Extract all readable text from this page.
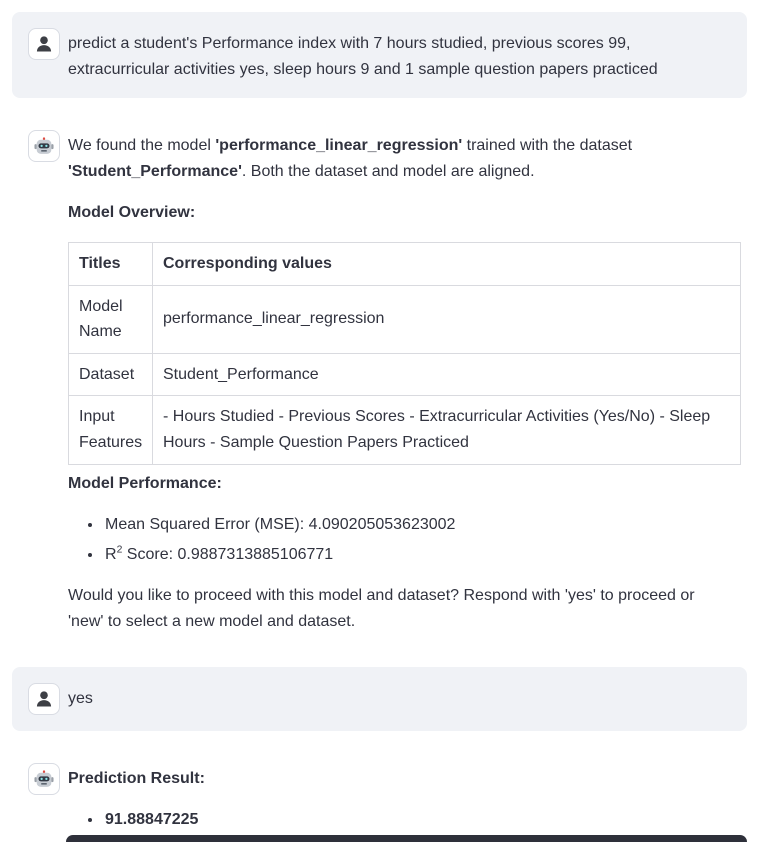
predict a student's Performance index with 7 hours studied, previous scores 99, extracurricular activities yes, sleep hours 9 and 1 sample question papers practiced

We found the model 'performance_linear_regression' trained with the dataset 'Student_Performance'. Both the dataset and model are aligned.

Model Overview:

Titles	Corresponding values
Model Name	performance_linear_regression
Dataset	Student_Performance
Input Features	- Hours Studied - Previous Scores - Extracurricular Activities (Yes/No) - Sleep Hours - Sample Question Papers Practiced

Model Performance:

• Mean Squared Error (MSE): 4.090205053623002
• $R^2$ Score: 0.9887313885106771

Would you like to proceed with this model and dataset? Respond with 'yes' to proceed or 'new' to select a new model and dataset.

yes

Prediction Result:

• 91.88847225
